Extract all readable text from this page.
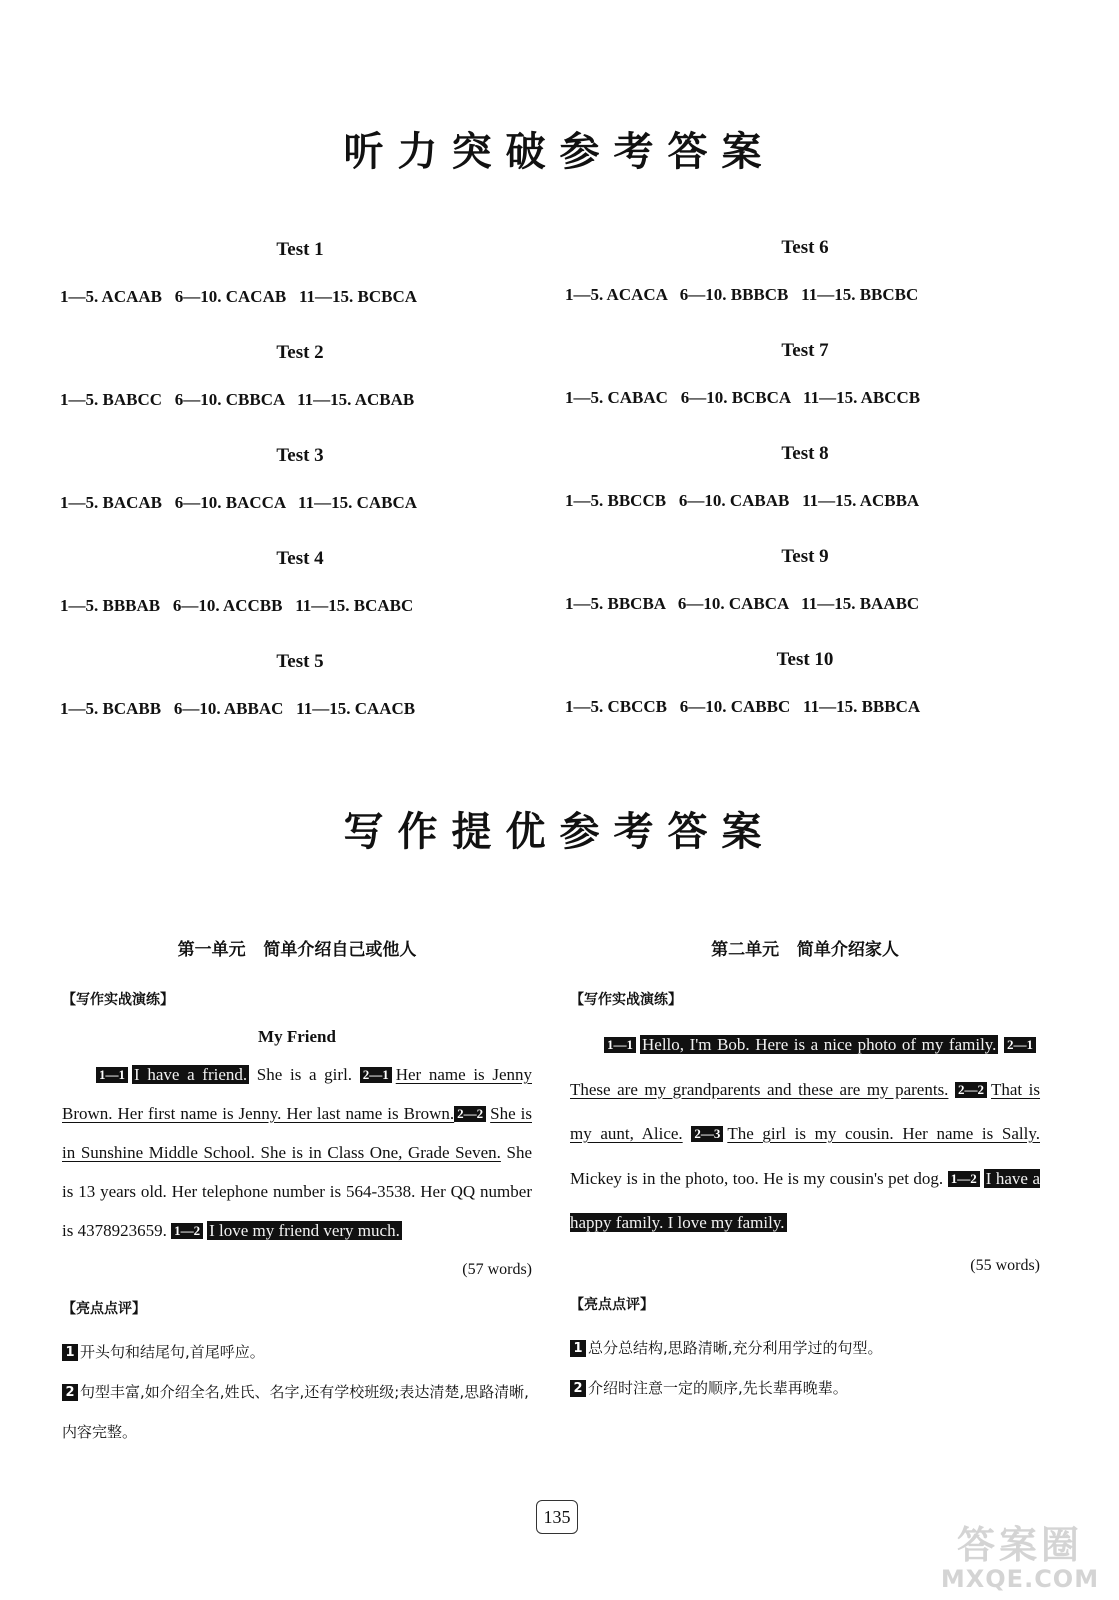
听力突破参考答案
Test 1
1—5. ACAAB   6—10. CACAB   11—15. BCBCA
Test 2
1—5. BABCC   6—10. CBBCA   11—15. ACBAB
Test 3
1—5. BACAB   6—10. BACCA   11—15. CABCA
Test 4
1—5. BBBAB   6—10. ACCBB   11—15. BCABC
Test 5
1—5. BCABB   6—10. ABBAC   11—15. CAACB
Test 6
1—5. ACACA   6—10. BBBCB   11—15. BBCBC
Test 7
1—5. CABAC   6—10. BCBCA   11—15. ABCCB
Test 8
1—5. BBCCB   6—10. CABAB   11—15. ACBBA
Test 9
1—5. BBCBA   6—10. CABCA   11—15. BAABC
Test 10
1—5. CBCCB   6—10. CABBC   11—15. BBBCA
写作提优参考答案
第一单元   简单介绍自己或他人
【写作实战演练】
My Friend

1—1 I have a friend. She is a girl. 2—1 Her name is Jenny Brown. Her first name is Jenny. Her last name is Brown. 2—2 She is in Sunshine Middle School. She is in Class One, Grade Seven. She is 13 years old. Her telephone number is 564-3538. Her QQ number is 4378923659. 1—2 I love my friend very much.

(57 words)
【亮点点评】

1 开头句和结尾句,首尾呼应。

2 句型丰富,如介绍全名,姓氏、名字,还有学校班级;表达清楚,思路清晰,内容完整。

第二单元   简单介绍家人
【写作实战演练】

1—1 Hello, I'm Bob. Here is a nice photo of my family. 2—1These are my grandparents and these are my parents. 2—2 That is my aunt, Alice. 2—3 The girl is my cousin. Her name is Sally. Mickey is in the photo, too. He is my cousin's pet dog. 1—2 I have a happy family. I love my family.

(55 words)
【亮点点评】

1 总分总结构,思路清晰,充分利用学过的句型。

2 介绍时注意一定的顺序,先长辈再晚辈。

135
答案圈
MXQE.COM
